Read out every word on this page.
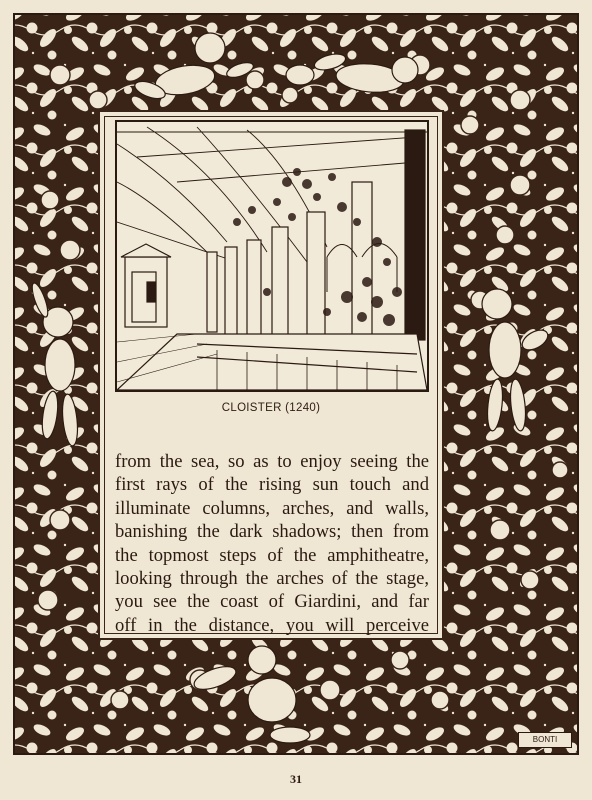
CLOISTER (1240)
from the sea, so as to enjoy seeing the
first rays of the rising sun touch and
illuminate columns, arches, and walls,
banishing the dark shadows; then from
the topmost steps of the amphitheatre,
looking through the arches of the stage,
you see the coast of Giardini, and far
off in the distance, you will perceive
BONTI
31
